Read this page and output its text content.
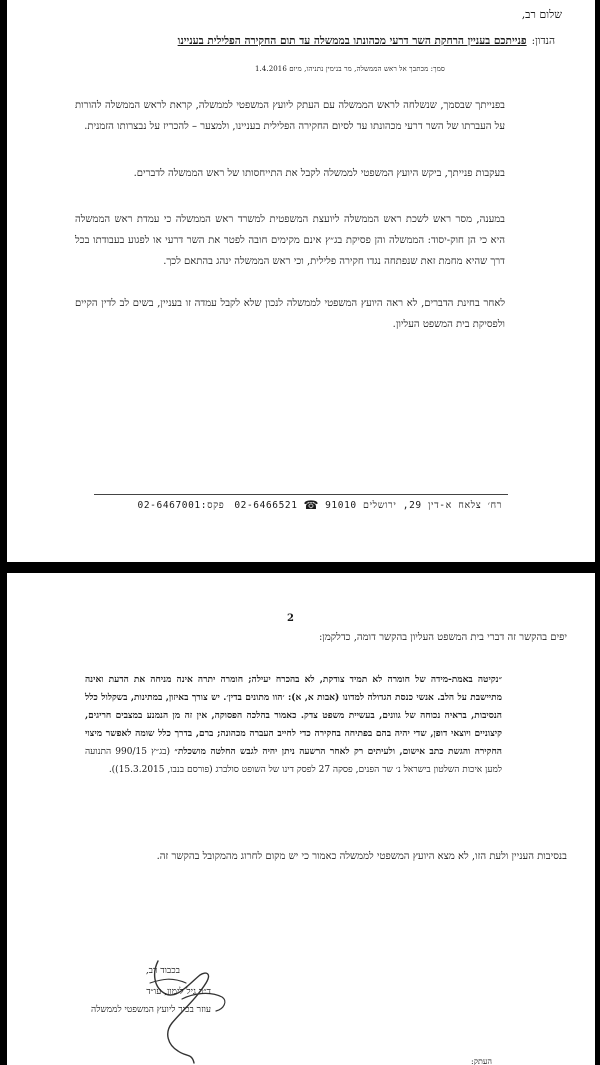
שלום רב,

הנדון:פנייתכם בעניין הרחקת השר דרעי מכהונתו בממשלה עד תום החקירה הפלילית בעניינו

סמך: מכתבך אל ראש הממשלה, מר בנימין נתניהו, מיום 1.4.2016

בפנייתך שבסמך, שנשלחה לראש הממשלה עם העתק ליועץ המשפטי לממשלה, קראת לראש הממשלה להורות על העברתו של השר דרעי מכהונתו עד לסיום החקירה הפלילית בעניינו, ולמצער – להכריז על נבצרותו הזמנית.

בעקבות פנייתך, ביקש היועץ המשפטי לממשלה לקבל את התייחסותו של ראש הממשלה לדברים.

במענה, מסר ראש לשכת ראש הממשלה ליועצת המשפטית למשרד ראש הממשלה כי עמדת ראש הממשלה היא כי הן חוק-יסוד: הממשלה והן פסיקת בג״ץ אינם מקימים חובה לפטר את השר דרעי או לפגוע בעבודתו בכל דרך שהיא מחמת זאת שנפתחה נגדו חקירה פלילית, וכי ראש הממשלה ינהג בהתאם לכך.

לאחר בחינת הדברים, לא ראה היועץ המשפטי לממשלה לנכון שלא לקבל עמדה זו בעניין, בשים לב לדין הקיים ולפסיקת בית המשפט העליון.

רח׳ צלאח א-דין 29, ירושלים 91010☎02-6466521פקס:02-6467001

2

יפים בהקשר זה דברי בית המשפט העליון בהקשר דומה, כדלקמן:

״נקיטה באמת-מידה של חומרה לא תמיד צודקת, לא בהכרח יעילה; חומרה יתרה אינה מניחה את הדעת ואינה מתיישבת על הלב. אנשי כנסת הגדולה למדונו (אבות א, א): ׳הוו מתונים בדין׳. יש צורך באיזון, במתינות, בשקלול כלל הנסיבות, בראיה נכוחה של גוונים, בעשיית משפט צדק. כאמור בהלכה הפסוקה, אין זה מן הנמנע במצבים חריגים, קיצוניים ויוצאי דופן, שדי יהיה בהם בפתיחה בחקירה כדי לחייב העברה מכהונה; ברם, בדרך כלל שומה לאפשר מיצוי החקירה והגשת כתב אישום, ולעיתים רק לאחר הרשעה ניתן יהיה לגבש החלטה מושכלת״ (בג״ץ 990/15 התנועה למען איכות השלטון בישראל נ׳ שר הפנים, פסקה 27 לפסק דינו של השופט סולברג (פורסם בנבו, 15.3.2015)).

בנסיבות העניין ולעת הזו, לא מצא היועץ המשפטי לממשלה כאמור כי יש מקום לחרוג מהמקובל בהקשר זה.

בכבוד רב,

ד״ר גיל לימון, עו״ד

עוזר בכיר ליועץ המשפטי לממשלה

העתק:
